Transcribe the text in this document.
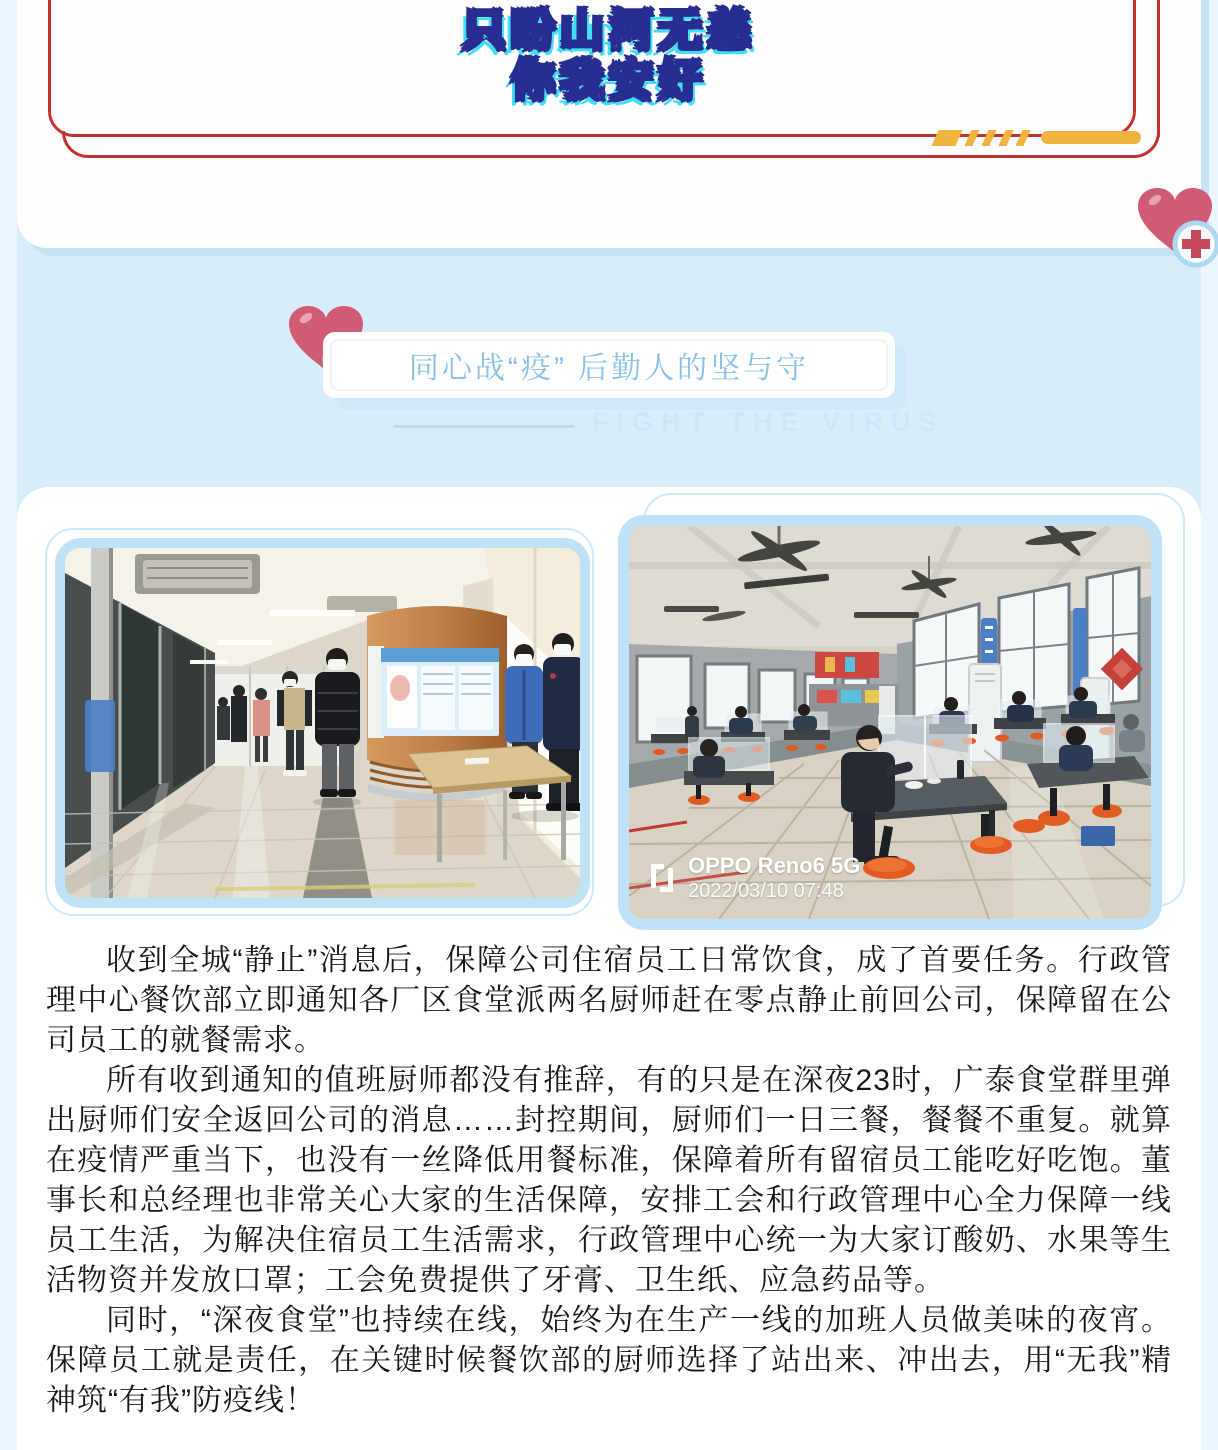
只盼山河无恙
你我安好
同心战“疫” 后勤人的坚与守
FIGHT THE VIRUS
OPPO Reno6 5G
2022/03/10 07:48

收到全城“静止”消息后，保障公司住宿员工日常饮食，成了首要任务。行政管理中心餐饮部立即通知各厂区食堂派两名厨师赶在零点静止前回公司，保障留在公司员工的就餐需求。

所有收到通知的值班厨师都没有推辞，有的只是在深夜23时，广泰食堂群里弹出厨师们安全返回公司的消息……封控期间，厨师们一日三餐，餐餐不重复。就算在疫情严重当下，也没有一丝降低用餐标准，保障着所有留宿员工能吃好吃饱。董事长和总经理也非常关心大家的生活保障，安排工会和行政管理中心全力保障一线员工生活，为解决住宿员工生活需求，行政管理中心统一为大家订酸奶、水果等生活物资并发放口罩；工会免费提供了牙膏、卫生纸、应急药品等。

同时，“深夜食堂”也持续在线，始终为在生产一线的加班人员做美味的夜宵。保障员工就是责任，在关键时候餐饮部的厨师选择了站出来、冲出去，用“无我”精神筑“有我”防疫线！
